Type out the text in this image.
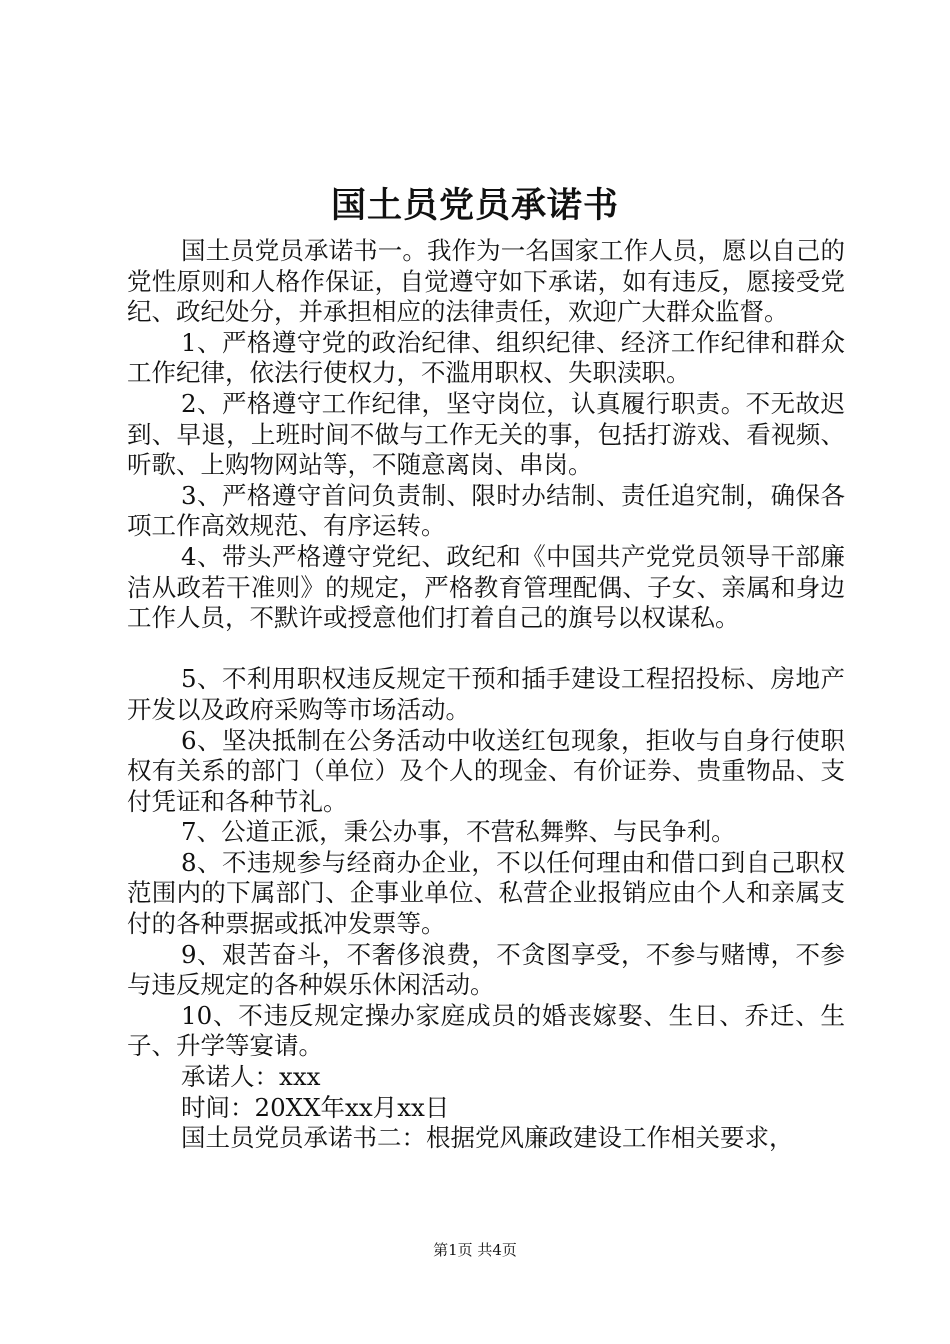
国土员党员承诺书

国土员党员承诺书一。我作为一名国家工作人员，愿以自己的党性原则和人格作保证，自觉遵守如下承诺，如有违反，愿接受党纪、政纪处分，并承担相应的法律责任，欢迎广大群众监督。

1、严格遵守党的政治纪律、组织纪律、经济工作纪律和群众工作纪律，依法行使权力，不滥用职权、失职渎职。

2、严格遵守工作纪律，坚守岗位，认真履行职责。不无故迟到、早退，上班时间不做与工作无关的事，包括打游戏、看视频、听歌、上购物网站等，不随意离岗、串岗。

3、严格遵守首问负责制、限时办结制、责任追究制，确保各项工作高效规范、有序运转。

4、带头严格遵守党纪、政纪和《中国共产党党员领导干部廉洁从政若干准则》的规定，严格教育管理配偶、子女、亲属和身边工作人员，不默许或授意他们打着自己的旗号以权谋私。

5、不利用职权违反规定干预和插手建设工程招投标、房地产开发以及政府采购等市场活动。

6、坚决抵制在公务活动中收送红包现象，拒收与自身行使职权有关系的部门（单位）及个人的现金、有价证券、贵重物品、支付凭证和各种节礼。

7、公道正派，秉公办事，不营私舞弊、与民争利。

8、不违规参与经商办企业，不以任何理由和借口到自己职权范围内的下属部门、企事业单位、私营企业报销应由个人和亲属支付的各种票据或抵冲发票等。

9、艰苦奋斗，不奢侈浪费，不贪图享受，不参与赌博，不参与违反规定的各种娱乐休闲活动。

10、不违反规定操办家庭成员的婚丧嫁娶、生日、乔迁、生子、升学等宴请。

承诺人：xxx

时间：20XX年xx月xx日

国土员党员承诺书二：根据党风廉政建设工作相关要求，

第1页 共4页
